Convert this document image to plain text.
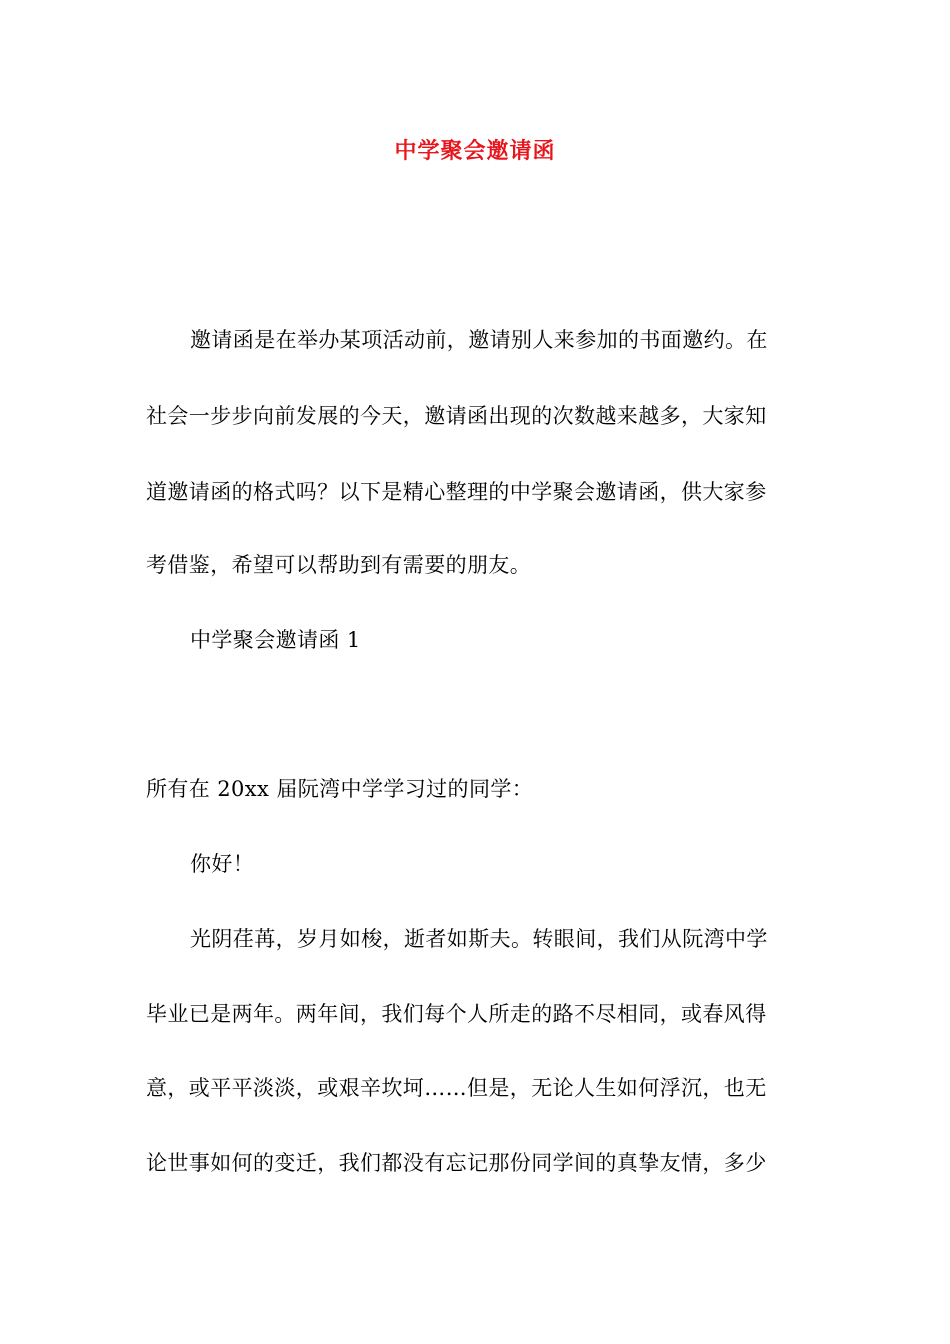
中学聚会邀请函
邀请函是在举办某项活动前，邀请别人来参加的书面邀约。在
社会一步步向前发展的今天，邀请函出现的次数越来越多，大家知
道邀请函的格式吗？以下是精心整理的中学聚会邀请函，供大家参
考借鉴，希望可以帮助到有需要的朋友。
中学聚会邀请函 1
所有在 20xx 届阮湾中学学习过的同学：
你好！
光阴荏苒，岁月如梭，逝者如斯夫。转眼间，我们从阮湾中学
毕业已是两年。两年间，我们每个人所走的路不尽相同，或春风得
意，或平平淡淡，或艰辛坎坷……但是，无论人生如何浮沉，也无
论世事如何的变迁，我们都没有忘记那份同学间的真挚友情，多少
